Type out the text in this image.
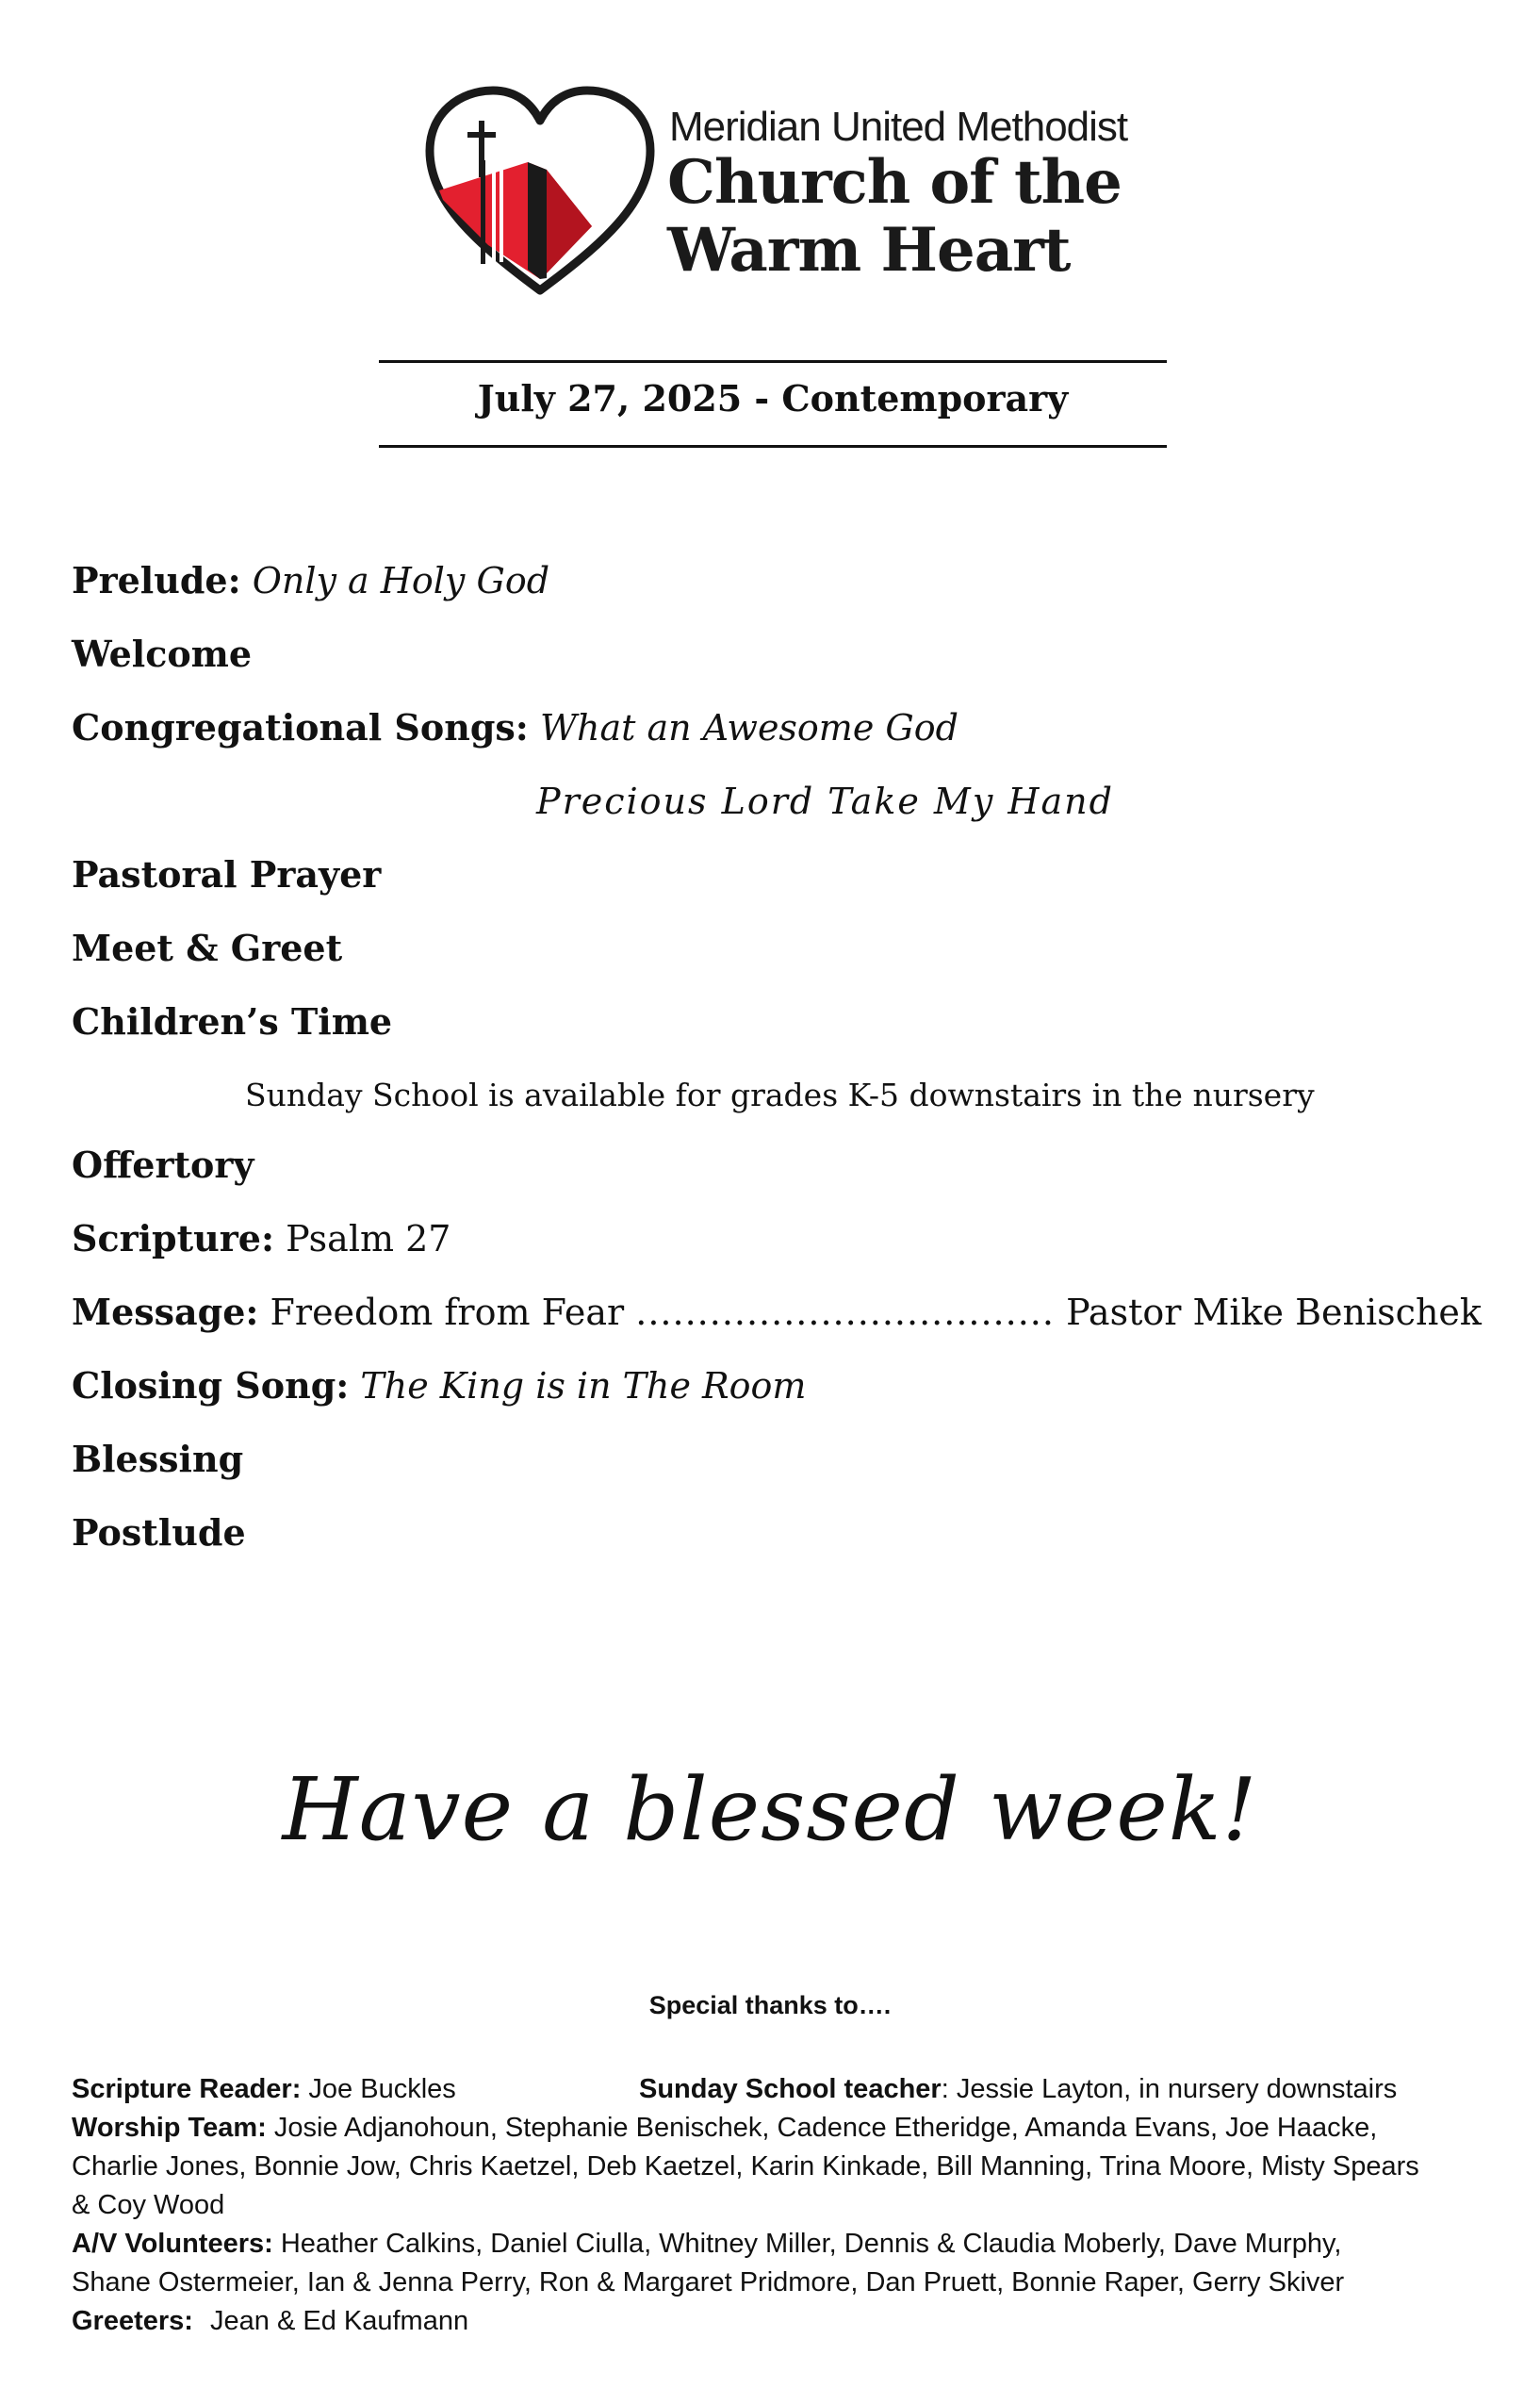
Meridian United Methodist
Church of the
Warm Heart
July 27, 2025 - Contemporary
Prelude: Only a Holy God
Welcome
Congregational Songs: What an Awesome God
Precious Lord Take My Hand
Pastoral Prayer
Meet & Greet
Children’s Time
Sunday School is available for grades K-5 downstairs in the nursery
Offertory
Scripture: Psalm 27
Message: Freedom from Fear .................................. Pastor Mike Benischek
Closing Song: The King is in The Room
Blessing
Postlude
Have a blessed week!
Special thanks to….
Scripture Reader: Joe Buckles	Sunday School teacher: Jessie Layton, in nursery downstairs
Worship Team: Josie Adjanohoun, Stephanie Benischek, Cadence Etheridge, Amanda Evans, Joe Haacke,
Charlie Jones, Bonnie Jow, Chris Kaetzel, Deb Kaetzel, Karin Kinkade, Bill Manning, Trina Moore, Misty Spears
& Coy Wood
A/V Volunteers: Heather Calkins, Daniel Ciulla, Whitney Miller, Dennis & Claudia Moberly, Dave Murphy,
Shane Ostermeier, Ian & Jenna Perry, Ron & Margaret Pridmore, Dan Pruett, Bonnie Raper, Gerry Skiver
Greeters: Jean & Ed Kaufmann
